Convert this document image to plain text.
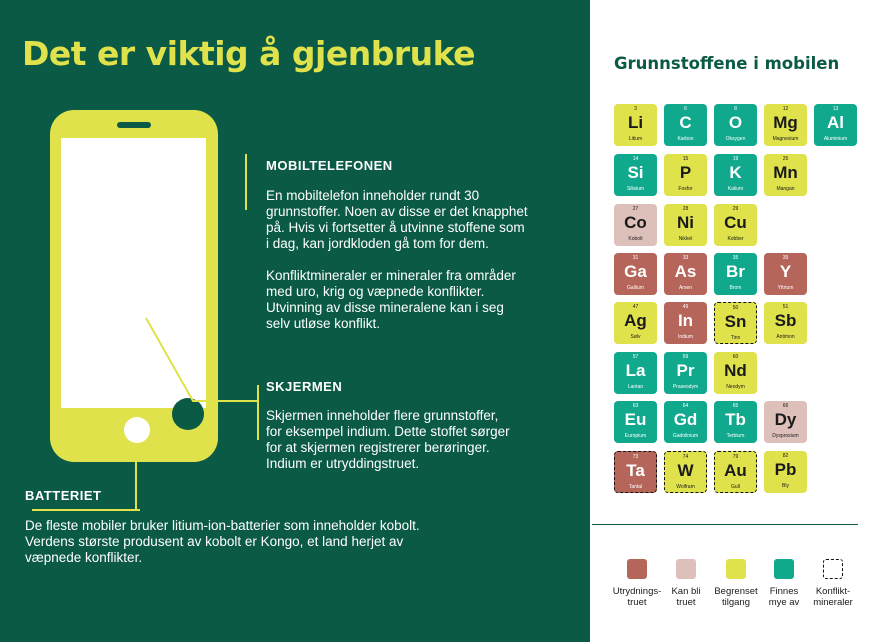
Det er viktig å gjenbruke
MOBILTELEFONEN

En mobiltelefon inneholder rundt 30
grunnstoffer. Noen av disse er det knapphet
på. Hvis vi fortsetter å utvinne stoffene som
i dag, kan jordkloden gå tom for dem.

Konfliktmineraler er mineraler fra områder
med uro, krig og væpnede konflikter.
Utvinning av disse mineralene kan i seg
selv utløse konflikt.

SKJERMEN

Skjermen inneholder flere grunnstoffer,
for eksempel indium. Dette stoffet sørger
for at skjermen registrerer berøringer.
Indium er utryddingstruet.

BATTERIET

De fleste mobiler bruker litium-ion-batterier som inneholder kobolt.
Verdens største produsent av kobolt er Kongo, et land herjet av
væpnede konflikter.

Grunnstoffene i mobilen
3
Li
Litium
6
C
Karbon
8
O
Oksygen
12
Mg
Magnesium
13
Al
Aluminium
14
Si
Silisium
15
P
Fosfor
19
K
Kalium
25
Mn
Mangan
27
Co
Kobolt
28
Ni
Nikkel
29
Cu
Kobber
31
Ga
Gallium
33
As
Arsen
35
Br
Brom
39
Y
Yttrium
47
Ag
Sølv
49
In
Indium
50
Sn
Tinn
51
Sb
Antimon
57
La
Lantan
59
Pr
Praseodym
60
Nd
Neodym
63
Eu
Europium
64
Gd
Gadolinium
65
Tb
Terbium
66
Dy
Dysprosium
73
Ta
Tantal
74
W
Wolfram
79
Au
Gull
82
Pb
Bly
Utrydnings-
truet
Kan bli
truet
Begrenset
tilgang
Finnes
mye av
Konflikt-
mineraler
